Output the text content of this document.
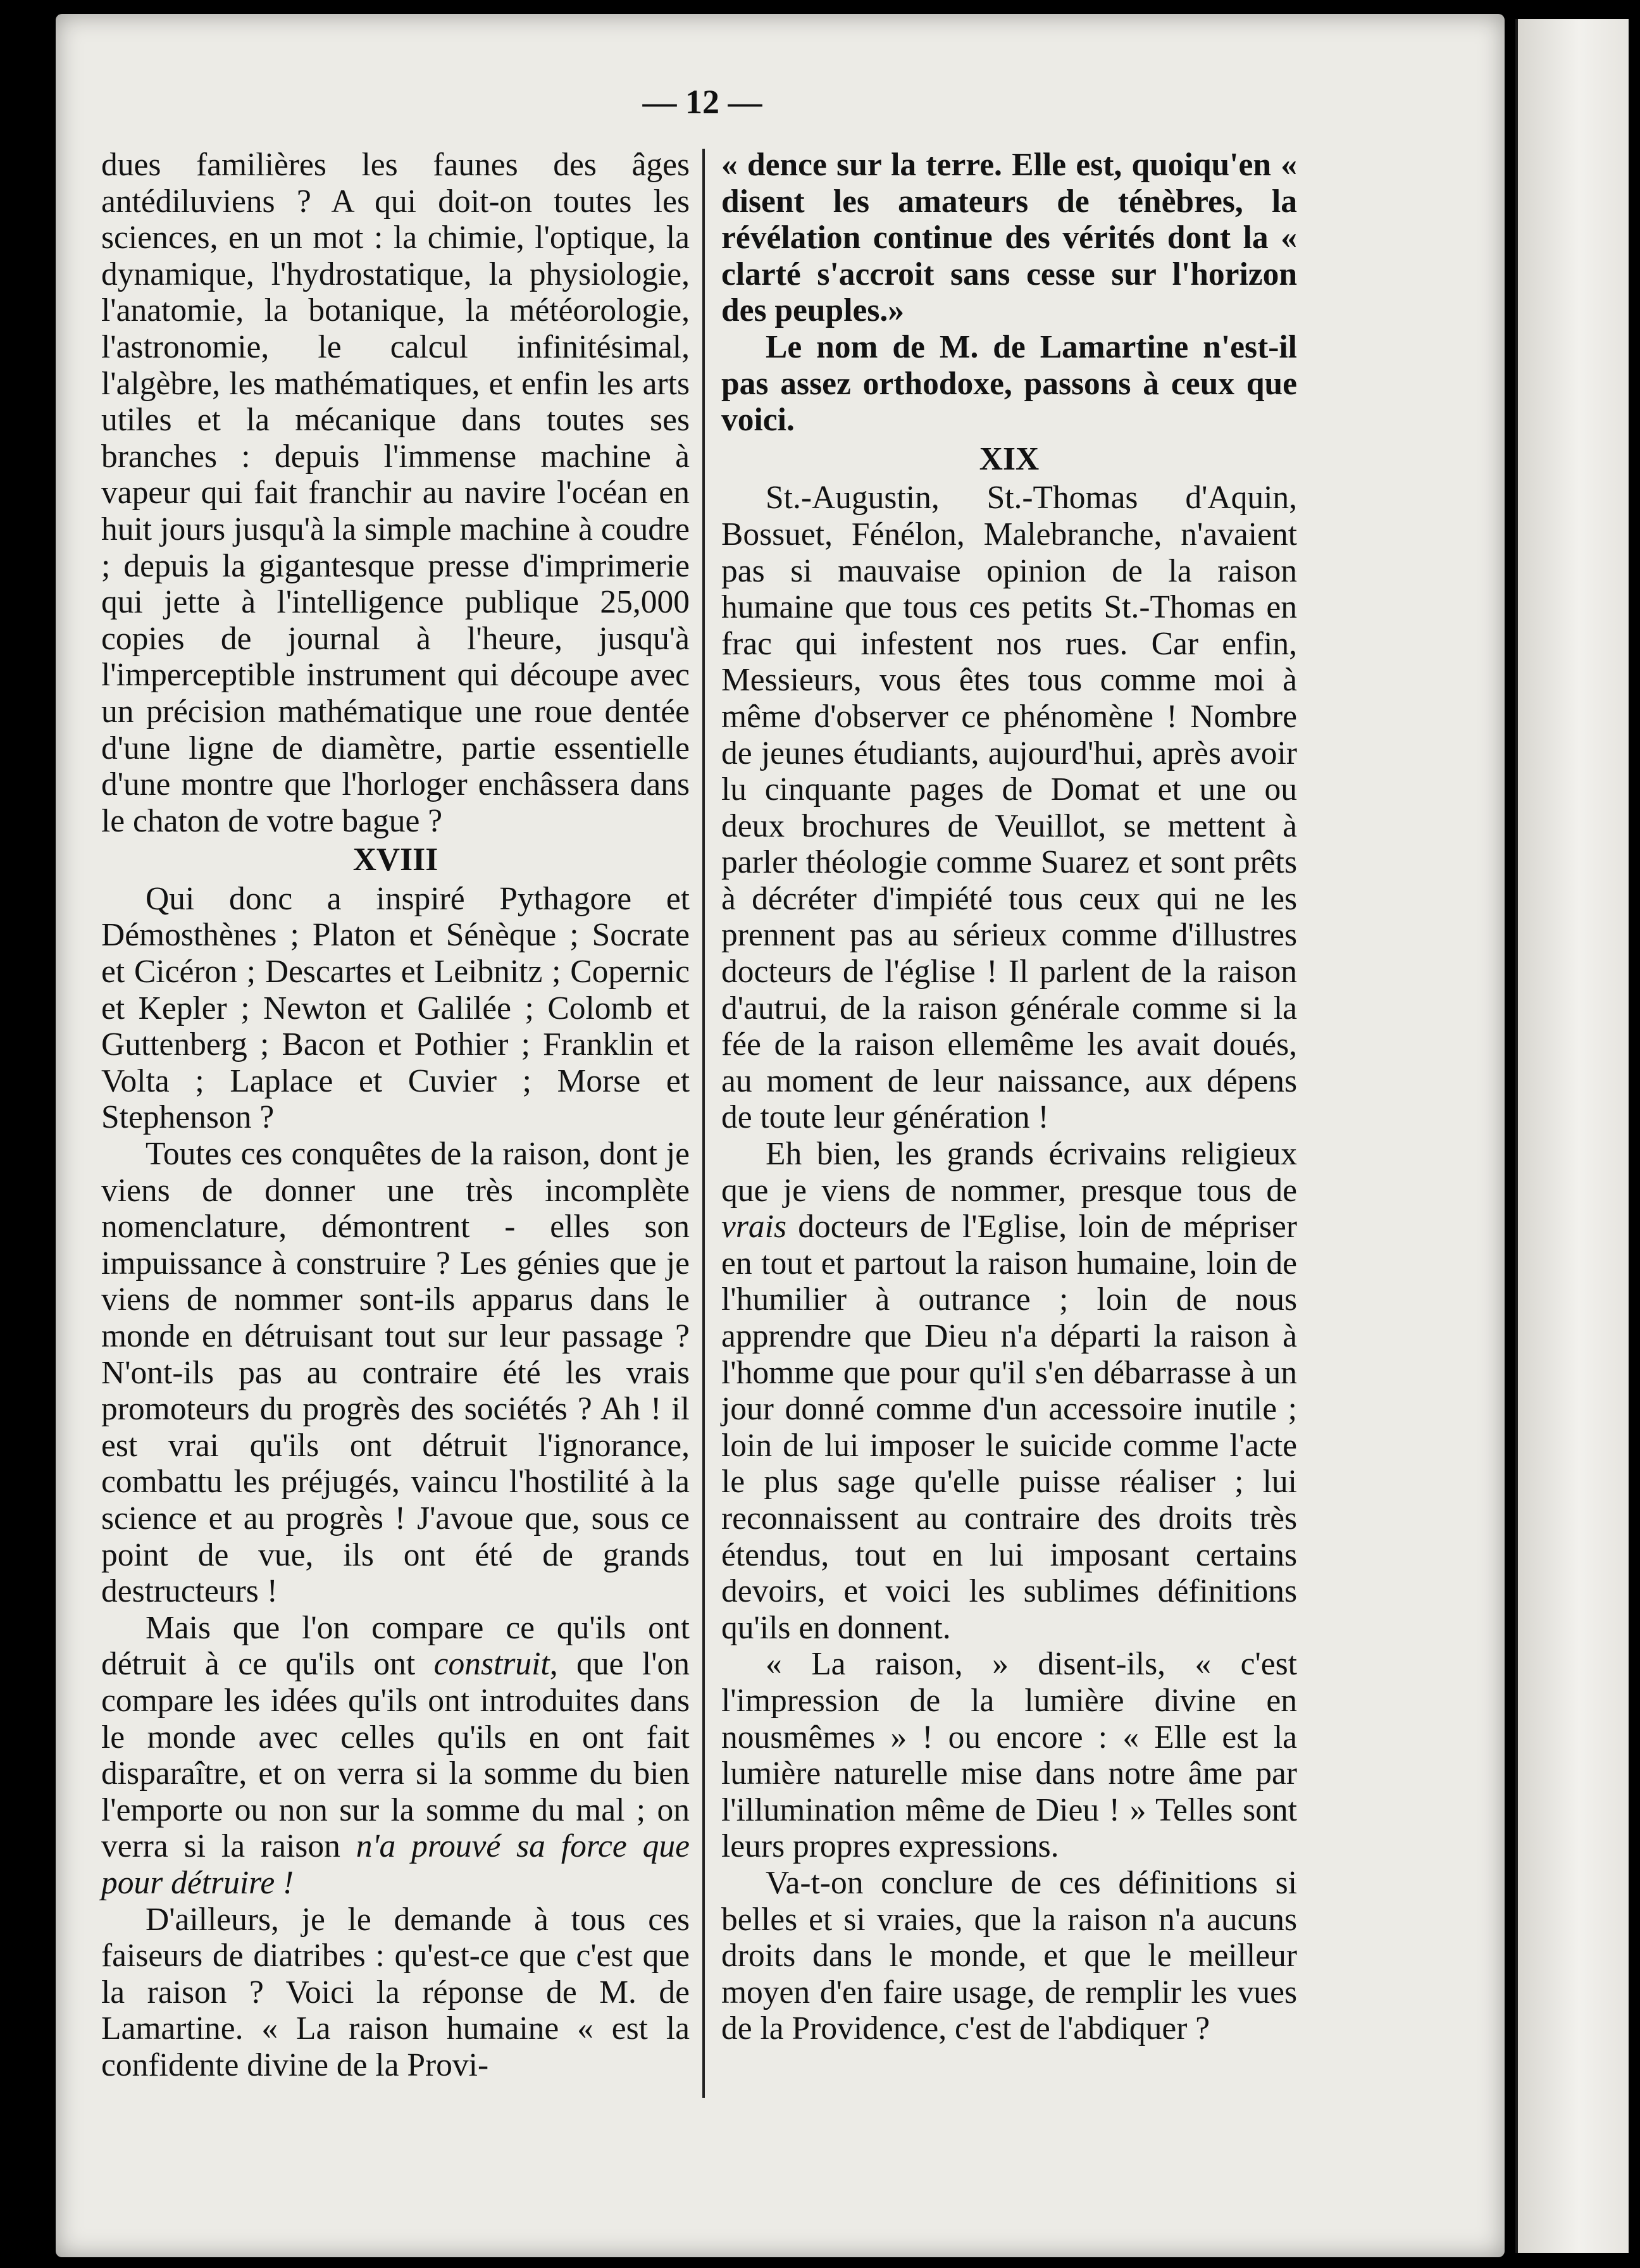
— 12 —

dues familières les faunes des âges antédiluviens ? A qui doit-on toutes les sciences, en un mot : la chimie, l'optique, la dynamique, l'hydrostatique, la physiologie, l'anatomie, la botanique, la météorologie, l'astronomie, le calcul infinitésimal, l'algèbre, les mathématiques, et enfin les arts utiles et la mécanique dans toutes ses branches : depuis l'immense machine à vapeur qui fait franchir au navire l'océan en huit jours jusqu'à la simple machine à coudre ; depuis la gigantesque presse d'imprimerie qui jette à l'intelligence publique 25,000 copies de journal à l'heure, jusqu'à l'imperceptible instrument qui découpe avec un précision mathématique une roue dentée d'une ligne de diamètre, partie essentielle d'une montre que l'horloger enchâssera dans le chaton de votre bague ?

XVIII

Qui donc a inspiré Pythagore et Démosthènes ; Platon et Sénèque ; Socrate et Cicéron ; Descartes et Leibnitz ; Copernic et Kepler ; Newton et Galilée ; Colomb et Guttenberg ; Bacon et Pothier ; Franklin et Volta ; Laplace et Cuvier ; Morse et Stephenson ?

Toutes ces conquêtes de la raison, dont je viens de donner une très incomplète nomenclature, démontrent - elles son impuissance à construire ? Les génies que je viens de nommer sont-ils apparus dans le monde en détruisant tout sur leur passage ? N'ont-ils pas au contraire été les vrais promoteurs du progrès des sociétés ? Ah ! il est vrai qu'ils ont détruit l'ignorance, combattu les préjugés, vaincu l'hostilité à la science et au progrès ! J'avoue que, sous ce point de vue, ils ont été de grands destructeurs !

Mais que l'on compare ce qu'ils ont détruit à ce qu'ils ont construit, que l'on compare les idées qu'ils ont introduites dans le monde avec celles qu'ils en ont fait disparaître, et on verra si la somme du bien l'emporte ou non sur la somme du mal ; on verra si la raison n'a prouvé sa force que pour détruire !

D'ailleurs, je le demande à tous ces faiseurs de diatribes : qu'est-ce que c'est que la raison ? Voici la réponse de M. de Lamartine. « La raison humaine « est la confidente divine de la Provi-

« dence sur la terre. Elle est, quoiqu'en « disent les amateurs de ténèbres, la révélation continue des vérités dont la « clarté s'accroit sans cesse sur l'horizon des peuples.»

Le nom de M. de Lamartine n'est-il pas assez orthodoxe, passons à ceux que voici.

XIX

St.-Augustin, St.-Thomas d'Aquin, Bossuet, Fénélon, Malebranche, n'avaient pas si mauvaise opinion de la raison humaine que tous ces petits St.-Thomas en frac qui infestent nos rues. Car enfin, Messieurs, vous êtes tous comme moi à même d'observer ce phénomène ! Nombre de jeunes étudiants, aujourd'hui, après avoir lu cinquante pages de Domat et une ou deux brochures de Veuillot, se mettent à parler théologie comme Suarez et sont prêts à décréter d'impiété tous ceux qui ne les prennent pas au sérieux comme d'illustres docteurs de l'église ! Il parlent de la raison d'autrui, de la raison générale comme si la fée de la raison ellemême les avait doués, au moment de leur naissance, aux dépens de toute leur génération !

Eh bien, les grands écrivains religieux que je viens de nommer, presque tous de vrais docteurs de l'Eglise, loin de mépriser en tout et partout la raison humaine, loin de l'humilier à outrance ; loin de nous apprendre que Dieu n'a départi la raison à l'homme que pour qu'il s'en débarrasse à un jour donné comme d'un accessoire inutile ; loin de lui imposer le suicide comme l'acte le plus sage qu'elle puisse réaliser ; lui reconnaissent au contraire des droits très étendus, tout en lui imposant certains devoirs, et voici les sublimes définitions qu'ils en donnent.

« La raison, » disent-ils, « c'est l'impression de la lumière divine en nousmêmes » ! ou encore : « Elle est la lumière naturelle mise dans notre âme par l'illumination même de Dieu ! » Telles sont leurs propres expressions.

Va-t-on conclure de ces définitions si belles et si vraies, que la raison n'a aucuns droits dans le monde, et que le meilleur moyen d'en faire usage, de remplir les vues de la Providence, c'est de l'abdiquer ?
